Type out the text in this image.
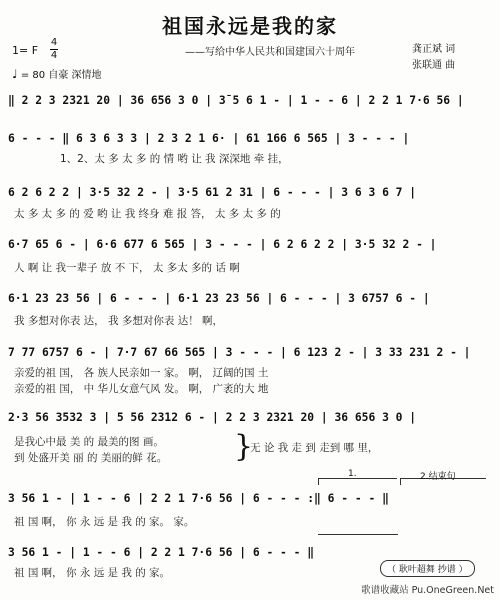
祖国永远是我的家
——写给中华人民共和国建国六十周年	龚正斌 词
张联通 曲
1= F
4
4
♩ = 80 自豪 深情地
‖ 2 2 3 2321 20 | 36 656 3 0 | 3̄ 5 6 1 - | 1 - - 6 | 2 2 1 7·6 56 |
6 - - - ‖ 6 3 6 3 3 | 2 3 2 1 6· | 61 166 6 565 | 3 - - - |
1、2、太 多 太 多 的 情 哟 让 我 深深地 牵 挂，
6 2 6 2 2 | 3·5 32 2 - | 3·5 61 2 31 | 6 - - - | 3 6 3 6 7 |
太 多 太 多 的 爱 哟 让 我 终身 难 报 答， 太 多 太 多 的
6·7 65 6 - | 6·6 677 6 565 | 3 - - - | 6 2 6 2 2 | 3·5 32 2 - |
人 啊 让 我一辈子 放 不 下， 太 多太 多的 话 啊
6·1 23 23 56 | 6 - - - | 6·1 23 23 56 | 6 - - - | 3 6757 6 - |
我 多想对你表 达， 我 多想对你表 达！ 啊，
7 77 6757 6 - | 7·7 67 66 565 | 3 - - - | 6 123 2 - | 3 33 231 2 - |
亲爱的祖 国， 各 族人民亲如一 家。 啊， 辽阔的国 土
亲爱的祖 国， 中 华儿女意气风 发。 啊， 广袤的大 地
2·3 56 3532 3 | 5 56 2312 6 - | 2 2 3 2321 20 | 36 656 3 0 |
是我心中最 美 的 最美的图 画。
到 处盛开美 丽 的 美丽的鲜 花。 }
无 论 我 走 到 走到 哪 里，
1.	2.结束句
3 56 1 - | 1 - - 6 | 2 2 1 7·6 56 | 6 - - - :‖ 6 - - - ‖
祖 国 啊， 你 永 远 是 我 的 家。 家。
3 56 1 - | 1 - - 6 | 2 2 1 7·6 56 | 6 - - - ‖
祖 国 啊， 你 永 远 是 我 的 家。	（ 耿叶超舞 抄谱 ）
歌谱收藏站 Pu.OneGreen.Net
